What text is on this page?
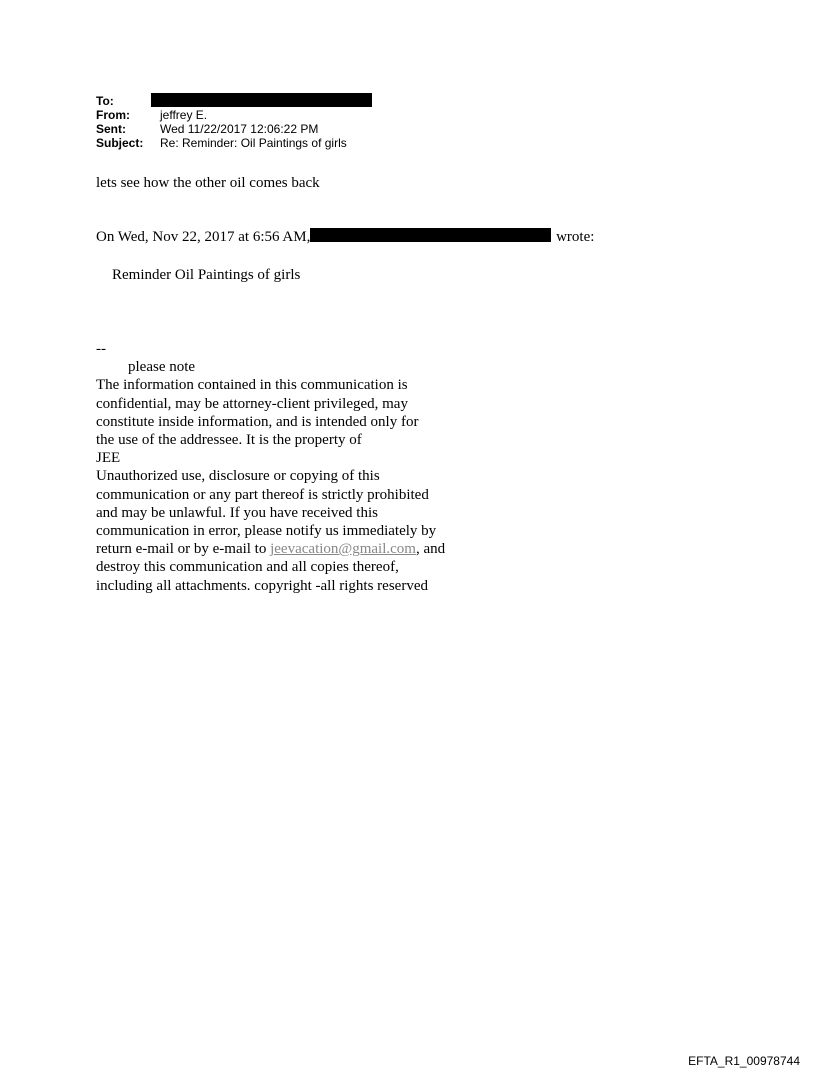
To:
From:	jeffrey E.
Sent:	Wed 11/22/2017 12:06:22 PM
Subject: Re: Reminder: Oil Paintings of girls
lets see how the other oil comes back
On Wed, Nov 22, 2017 at 6:56 AM,	wrote:
Reminder Oil Paintings of girls

--

please note

The information contained in this communication is

confidential, may be attorney-client privileged, may

constitute inside information, and is intended only for

the use of the addressee. It is the property of

JEE

Unauthorized use, disclosure or copying of this

communication or any part thereof is strictly prohibited

and may be unlawful. If you have received this

communication in error, please notify us immediately by

return e-mail or by e-mail to jeevacation@gmail.com, and

destroy this communication and all copies thereof,

including all attachments. copyright -all rights reserved

EFTA_R1_00978744
